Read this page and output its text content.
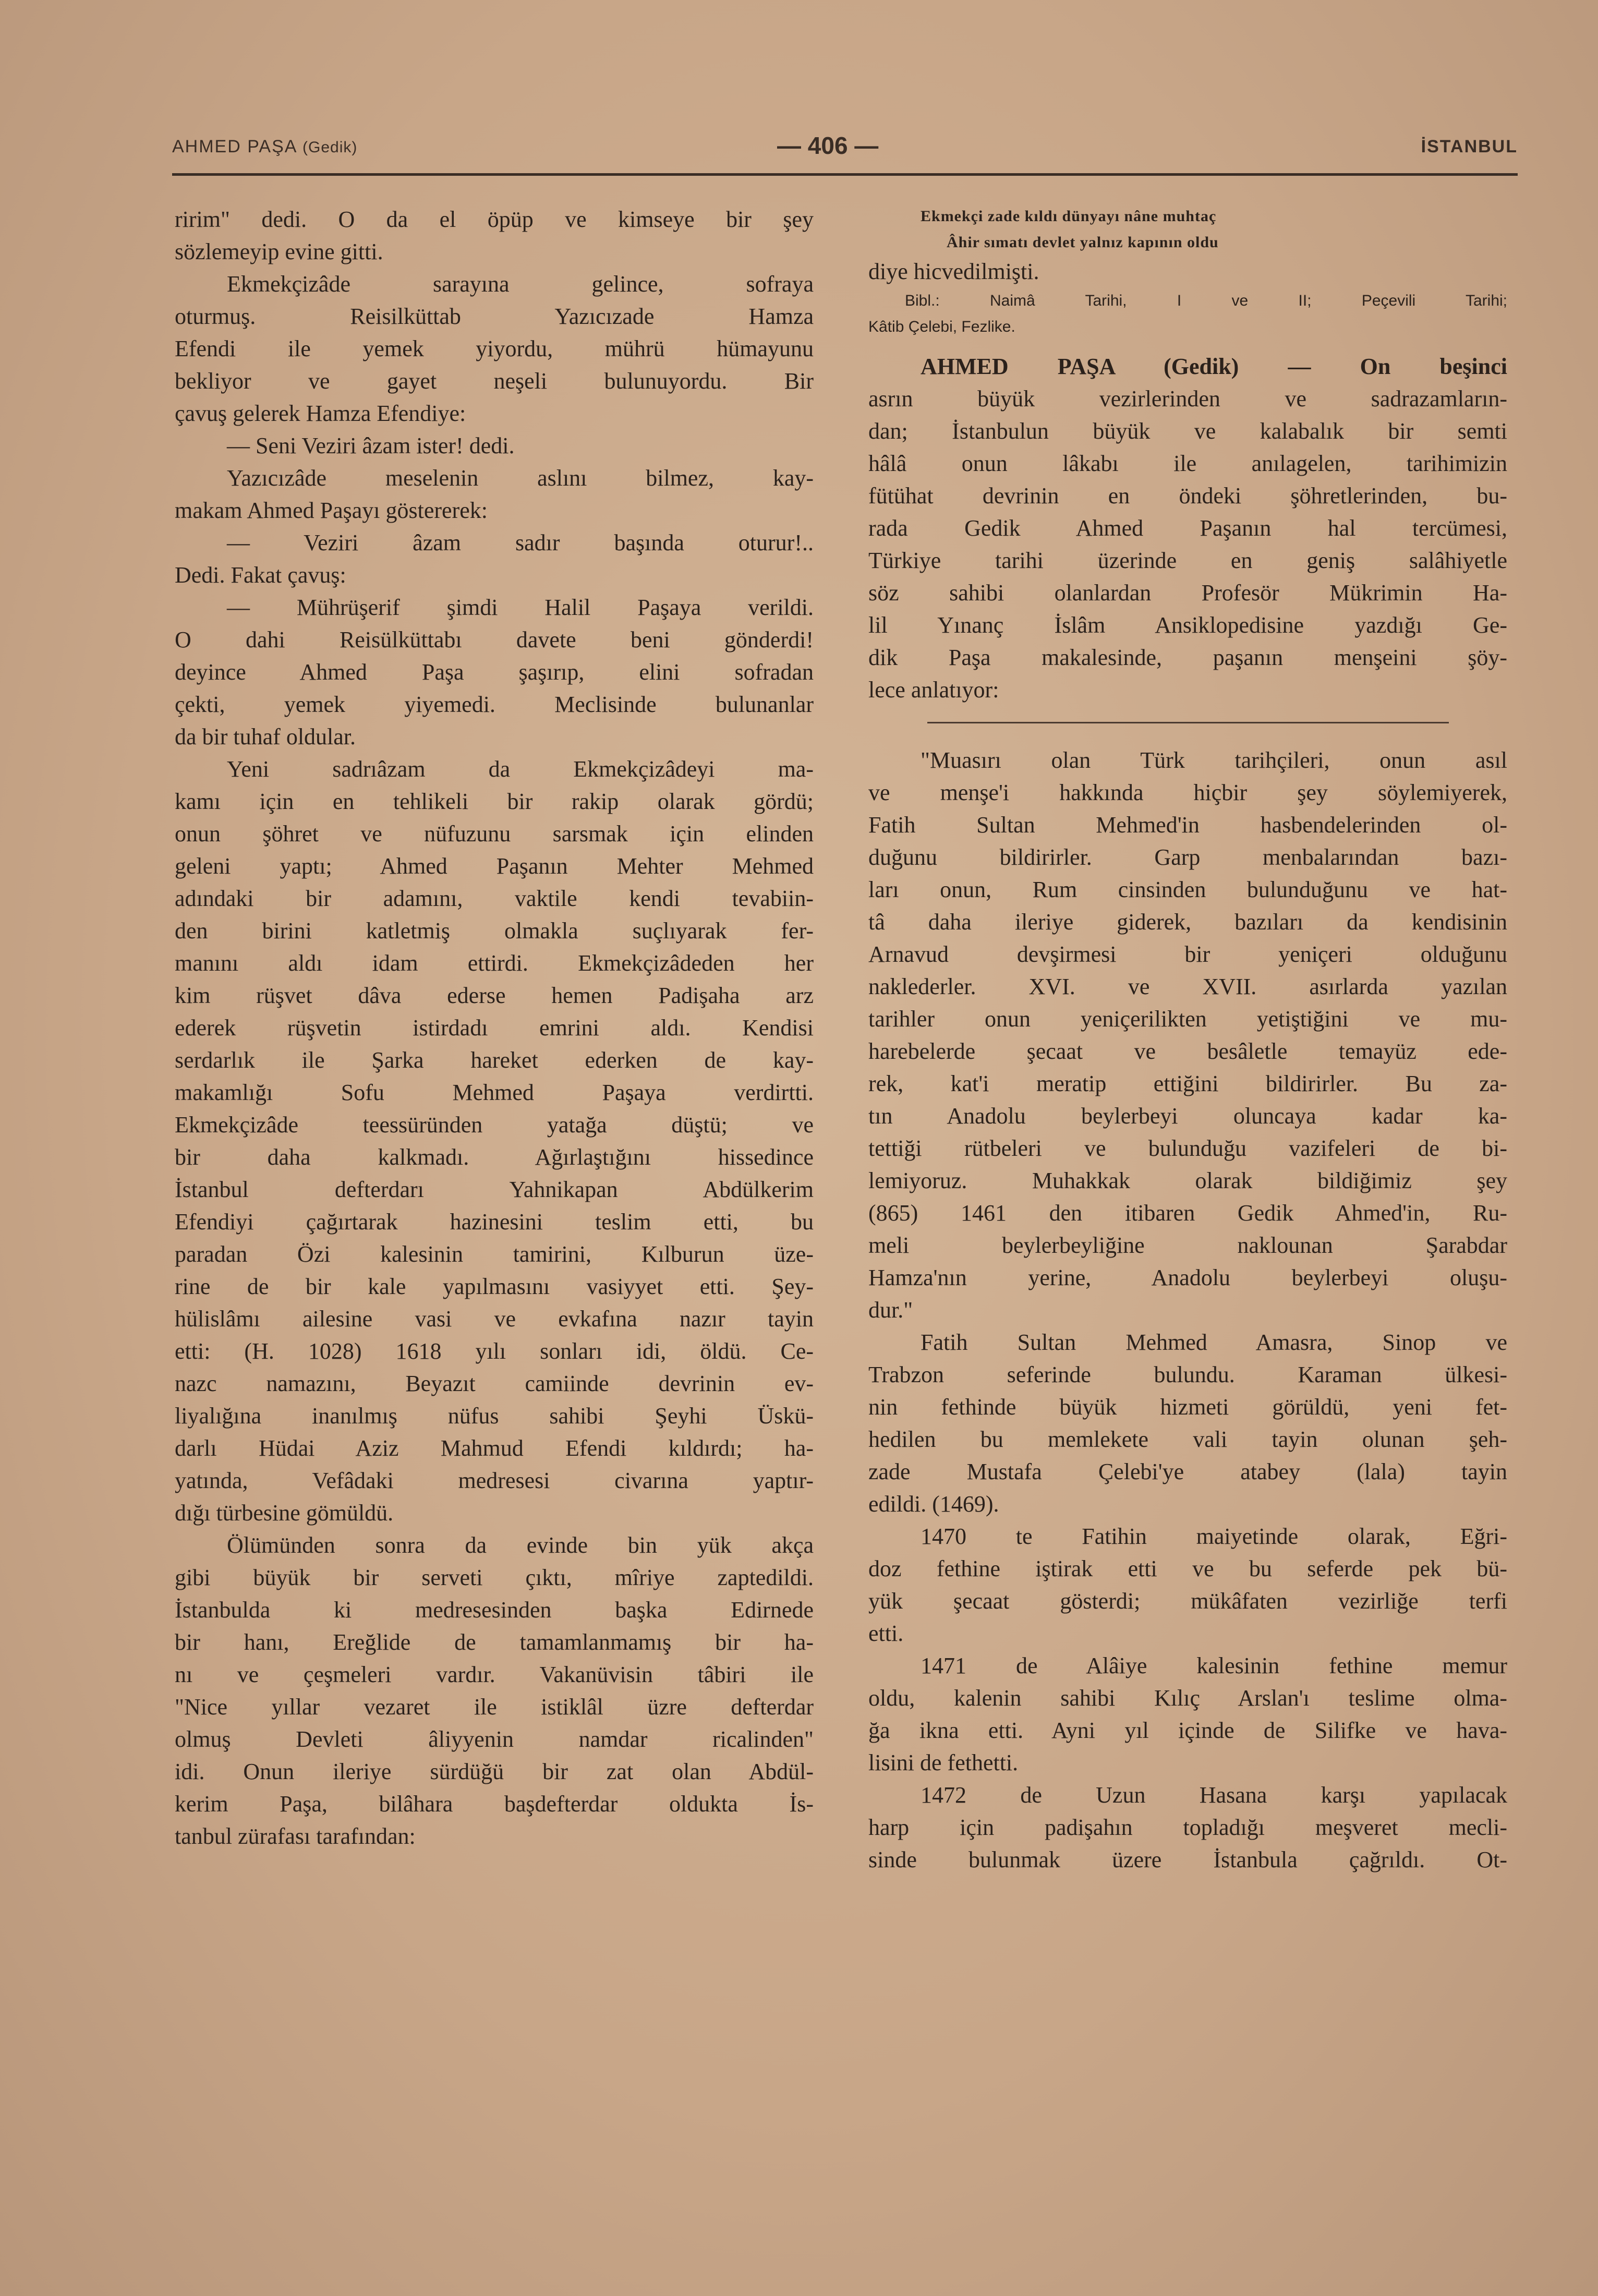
AHMED PAŞA (Gedik)	— 406 —	İSTANBUL
ririm" dedi. O da el öpüp ve kimseye bir şey
sözlemeyip evine gitti.
Ekmekçizâde sarayına gelince, sofraya
oturmuş. Reisilküttab Yazıcızade Hamza
Efendi ile yemek yiyordu, mührü hümayunu
bekliyor ve gayet neşeli bulunuyordu. Bir
çavuş gelerek Hamza Efendiye:
— Seni Veziri âzam ister! dedi.
Yazıcızâde meselenin aslını bilmez, kay-
makam Ahmed Paşayı göstererek:
— Veziri âzam sadır başında oturur!..
Dedi. Fakat çavuş:
— Mührüşerif şimdi Halil Paşaya verildi.
O dahi Reisülküttabı davete beni gönderdi!
deyince Ahmed Paşa şaşırıp, elini sofradan
çekti, yemek yiyemedi. Meclisinde bulunanlar
da bir tuhaf oldular.
Yeni sadrıâzam da Ekmekçizâdeyi ma-
kamı için en tehlikeli bir rakip olarak gördü;
onun şöhret ve nüfuzunu sarsmak için elinden
geleni yaptı; Ahmed Paşanın Mehter Mehmed
adındaki bir adamını, vaktile kendi tevabiin-
den birini katletmiş olmakla suçlıyarak fer-
manını aldı idam ettirdi. Ekmekçizâdeden her
kim rüşvet dâva ederse hemen Padişaha arz
ederek rüşvetin istirdadı emrini aldı. Kendisi
serdarlık ile Şarka hareket ederken de kay-
makamlığı Sofu Mehmed Paşaya verdirtti.
Ekmekçizâde teessüründen yatağa düştü; ve
bir daha kalkmadı. Ağırlaştığını hissedince
İstanbul defterdarı Yahnikapan Abdülkerim
Efendiyi çağırtarak hazinesini teslim etti, bu
paradan Özi kalesinin tamirini, Kılburun üze-
rine de bir kale yapılmasını vasiyyet etti. Şey-
hülislâmı ailesine vasi ve evkafına nazır tayin
etti: (H. 1028) 1618 yılı sonları idi, öldü. Ce-
nazc namazını, Beyazıt camiinde devrinin ev-
liyalığına inanılmış nüfus sahibi Şeyhi Üskü-
darlı Hüdai Aziz Mahmud Efendi kıldırdı; ha-
yatında, Vefâdaki medresesi civarına yaptır-
dığı türbesine gömüldü.
Ölümünden sonra da evinde bin yük akça
gibi büyük bir serveti çıktı, mîriye zaptedildi.
İstanbulda ki medresesinden başka Edirnede
bir hanı, Ereğlide de tamamlanmamış bir ha-
nı ve çeşmeleri vardır. Vakanüvisin tâbiri ile
"Nice yıllar vezaret ile istiklâl üzre defterdar
olmuş Devleti âliyyenin namdar ricalinden"
idi. Onun ileriye sürdüğü bir zat olan Abdül-
kerim Paşa, bilâhara başdefterdar oldukta İs-
tanbul zürafası tarafından:
Ekmekçi zade kıldı dünyayı nâne muhtaç
Âhir sımatı devlet yalnız kapının oldu
diye hicvedilmişti.
Bibl.: Naimâ Tarihi, I ve II; Peçevili Tarihi;
Kâtib Çelebi, Fezlike.
AHMED PAŞA (Gedik) — On beşinci
asrın büyük vezirlerinden ve sadrazamların-
dan; İstanbulun büyük ve kalabalık bir semti
hâlâ onun lâkabı ile anılagelen, tarihimizin
fütühat devrinin en öndeki şöhretlerinden, bu-
rada Gedik Ahmed Paşanın hal tercümesi,
Türkiye tarihi üzerinde en geniş salâhiyetle
söz sahibi olanlardan Profesör Mükrimin Ha-
lil Yınanç İslâm Ansiklopedisine yazdığı Ge-
dik Paşa makalesinde, paşanın menşeini şöy-
lece anlatıyor:
"Muasırı olan Türk tarihçileri, onun asıl
ve menşe'i hakkında hiçbir şey söylemiyerek,
Fatih Sultan Mehmed'in hasbendelerinden ol-
duğunu bildirirler. Garp menbalarından bazı-
ları onun, Rum cinsinden bulunduğunu ve hat-
tâ daha ileriye giderek, bazıları da kendisinin
Arnavud devşirmesi bir yeniçeri olduğunu
naklederler. XVI. ve XVII. asırlarda yazılan
tarihler onun yeniçerilikten yetiştiğini ve mu-
harebelerde şecaat ve besâletle temayüz ede-
rek, kat'i meratip ettiğini bildirirler. Bu za-
tın Anadolu beylerbeyi oluncaya kadar ka-
tettiği rütbeleri ve bulunduğu vazifeleri de bi-
lemiyoruz. Muhakkak olarak bildiğimiz şey
(865) 1461 den itibaren Gedik Ahmed'in, Ru-
meli beylerbeyliğine naklounan Şarabdar
Hamza'nın yerine, Anadolu beylerbeyi oluşu-
dur."
Fatih Sultan Mehmed Amasra, Sinop ve
Trabzon seferinde bulundu. Karaman ülkesi-
nin fethinde büyük hizmeti görüldü, yeni fet-
hedilen bu memlekete vali tayin olunan şeh-
zade Mustafa Çelebi'ye atabey (lala) tayin
edildi. (1469).
1470 te Fatihin maiyetinde olarak, Eğri-
doz fethine iştirak etti ve bu seferde pek bü-
yük şecaat gösterdi; mükâfaten vezirliğe terfi
etti.
1471 de Alâiye kalesinin fethine memur
oldu, kalenin sahibi Kılıç Arslan'ı teslime olma-
ğa ikna etti. Ayni yıl içinde de Silifke ve hava-
lisini de fethetti.
1472 de Uzun Hasana karşı yapılacak
harp için padişahın topladığı meşveret mecli-
sinde bulunmak üzere İstanbula çağrıldı. Ot-
